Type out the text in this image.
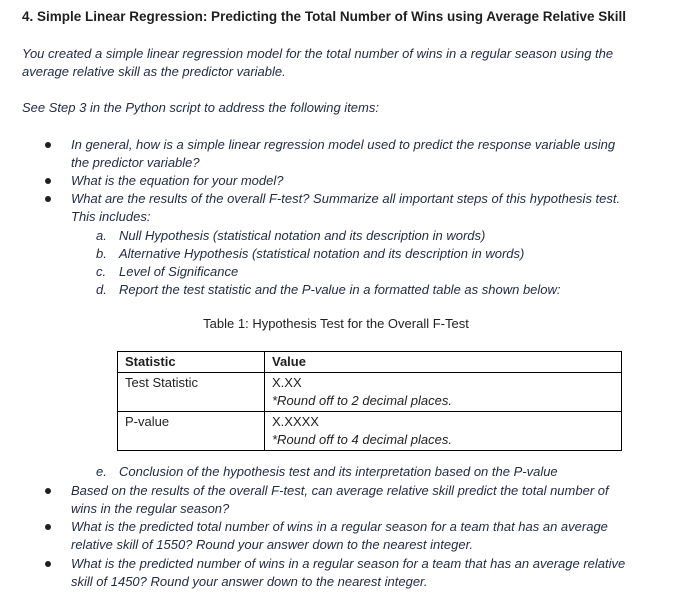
4. Simple Linear Regression: Predicting the Total Number of Wins using Average Relative Skill
You created a simple linear regression model for the total number of wins in a regular season using the
average relative skill as the predictor variable.
See Step 3 in the Python script to address the following items:
In general, how is a simple linear regression model used to predict the response variable using
the predictor variable?
What is the equation for your model?
What are the results of the overall F-test? Summarize all important steps of this hypothesis test.
This includes:
a. Null Hypothesis (statistical notation and its description in words)
b. Alternative Hypothesis (statistical notation and its description in words)
c. Level of Significance
d. Report the test statistic and the P-value in a formatted table as shown below:
Table 1: Hypothesis Test for the Overall F-Test
Statistic	Value
Test Statistic	X.XX
*Round off to 2 decimal places.

P-value	X.XXXX
*Round off to 4 decimal places.
e. Conclusion of the hypothesis test and its interpretation based on the P-value
Based on the results of the overall F-test, can average relative skill predict the total number of
wins in the regular season?
What is the predicted total number of wins in a regular season for a team that has an average
relative skill of 1550? Round your answer down to the nearest integer.
What is the predicted number of wins in a regular season for a team that has an average relative
skill of 1450? Round your answer down to the nearest integer.
